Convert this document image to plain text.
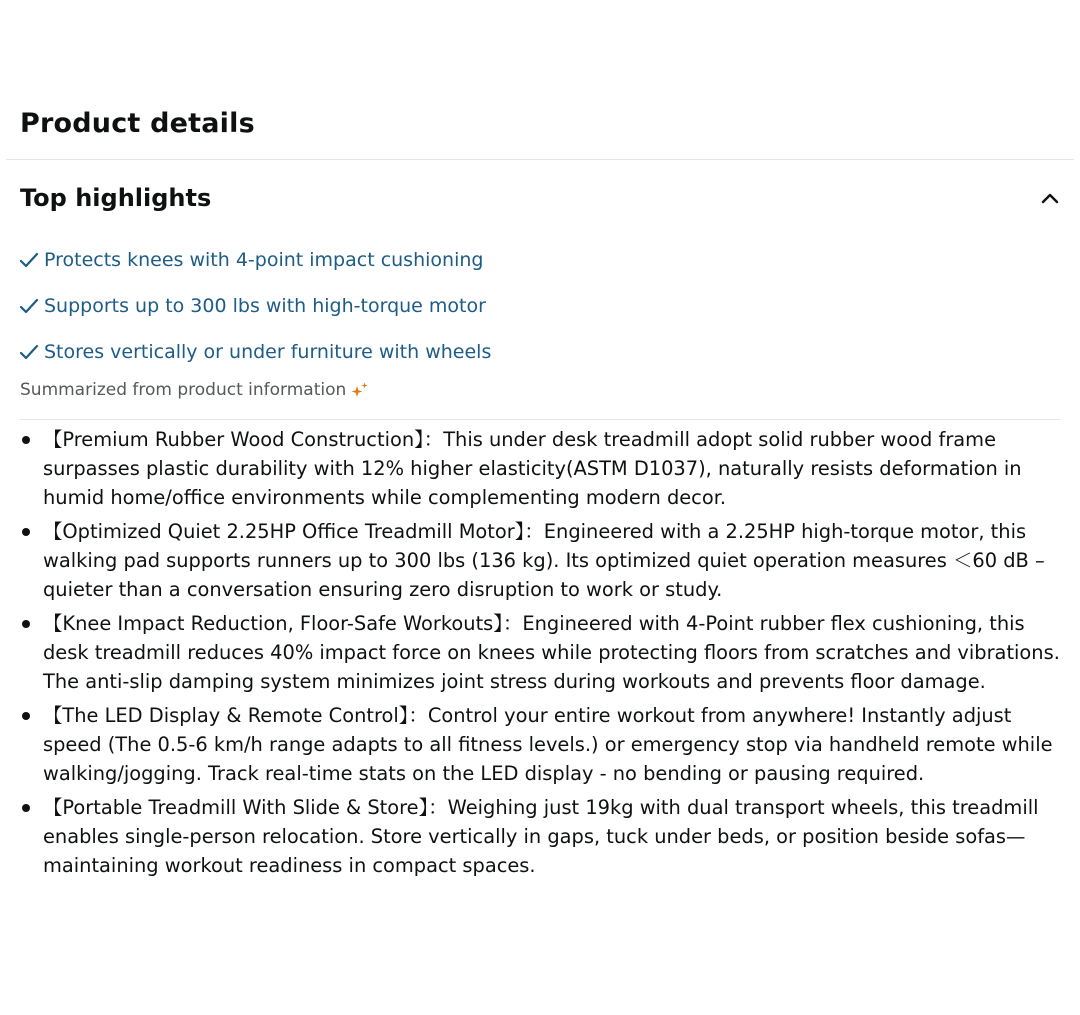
Product details
Top highlights
Protects knees with 4-point impact cushioning
Supports up to 300 lbs with high-torque motor
Stores vertically or under furniture with wheels
Summarized from product information
【Premium Rubber Wood Construction】：This under desk treadmill adopt solid rubber wood frame surpasses plastic durability with 12% higher elasticity(ASTM D1037), naturally resists deformation in humid home/office environments while complementing modern decor.
【Optimized Quiet 2.25HP Office Treadmill Motor】：Engineered with a 2.25HP high-torque motor, this walking pad supports runners up to 300 lbs (136 kg). Its optimized quiet operation measures ＜60 dB – quieter than a conversation ensuring zero disruption to work or study.
【Knee Impact Reduction, Floor-Safe Workouts】：Engineered with 4-Point rubber flex cushioning, this desk treadmill reduces 40% impact force on knees while protecting floors from scratches and vibrations. The anti-slip damping system minimizes joint stress during workouts and prevents floor damage.
【The LED Display & Remote Control】：Control your entire workout from anywhere! Instantly adjust speed (The 0.5-6 km/h range adapts to all fitness levels.) or emergency stop via handheld remote while walking/jogging. Track real-time stats on the LED display - no bending or pausing required.
【Portable Treadmill With Slide & Store】：Weighing just 19kg with dual transport wheels, this treadmill enables single-person relocation. Store vertically in gaps, tuck under beds, or position beside sofas—maintaining workout readiness in compact spaces.
